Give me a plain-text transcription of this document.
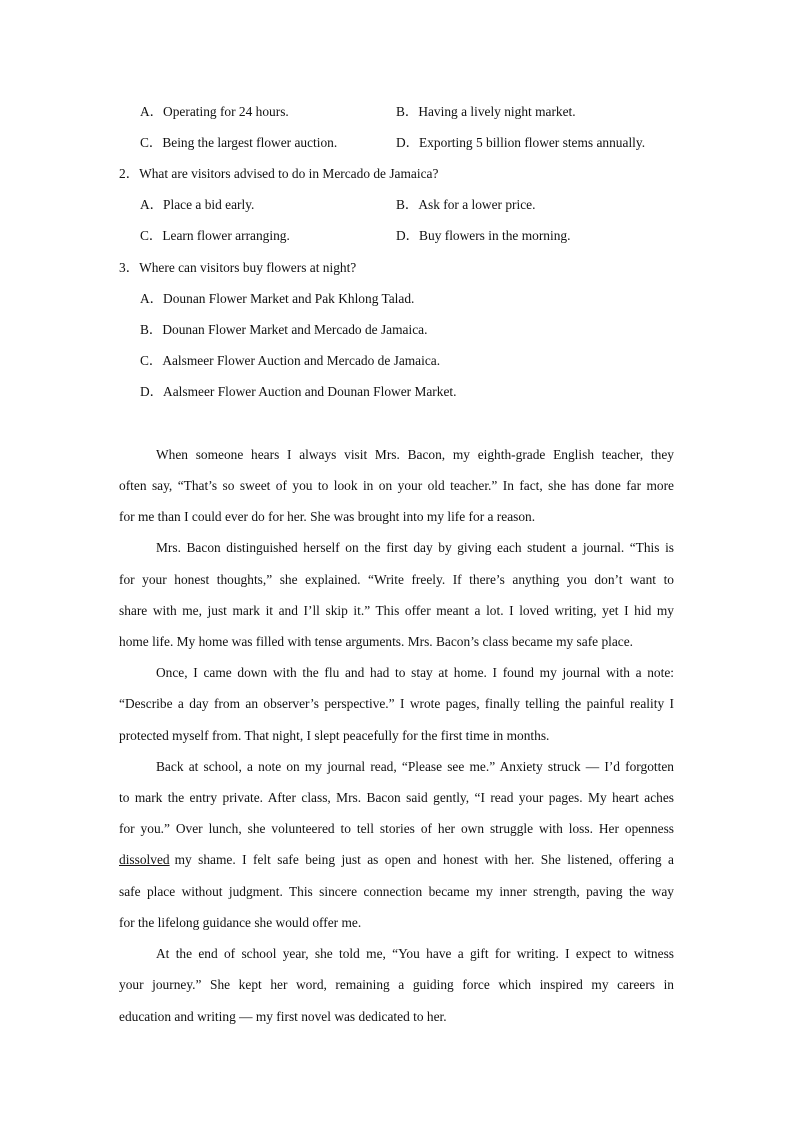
A．Operating for 24 hours.	B．Having a lively night market.
C．Being the largest flower auction.	D．Exporting 5 billion flower stems annually.
2．What are visitors advised to do in Mercado de Jamaica?
A．Place a bid early.	B．Ask for a lower price.
C．Learn flower arranging.	D．Buy flowers in the morning.
3．Where can visitors buy flowers at night?
A．Dounan Flower Market and Pak Khlong Talad.
B．Dounan Flower Market and Mercado de Jamaica.
C．Aalsmeer Flower Auction and Mercado de Jamaica.
D．Aalsmeer Flower Auction and Dounan Flower Market.
When someone hears I always visit Mrs. Bacon, my eighth-grade English teacher, they
often say, “That’s so sweet of you to look in on your old teacher.” In fact, she has done far more
for me than I could ever do for her. She was brought into my life for a reason.
Mrs. Bacon distinguished herself on the first day by giving each student a journal. “This is
for your honest thoughts,” she explained. “Write freely. If there’s anything you don’t want to
share with me, just mark it and I’ll skip it.” This offer meant a lot. I loved writing, yet I hid my
home life. My home was filled with tense arguments. Mrs. Bacon’s class became my safe place.
Once, I came down with the flu and had to stay at home. I found my journal with a note:
“Describe a day from an observer’s perspective.” I wrote pages, finally telling the painful reality I
protected myself from. That night, I slept peacefully for the first time in months.
Back at school, a note on my journal read, “Please see me.” Anxiety struck — I’d forgotten
to mark the entry private. After class, Mrs. Bacon said gently, “I read your pages. My heart aches
for you.” Over lunch, she volunteered to tell stories of her own struggle with loss. Her openness
dissolved my shame. I felt safe being just as open and honest with her. She listened, offering a
safe place without judgment. This sincere connection became my inner strength, paving the way
for the lifelong guidance she would offer me.
At the end of school year, she told me, “You have a gift for writing. I expect to witness
your journey.” She kept her word, remaining a guiding force which inspired my careers in
education and writing — my first novel was dedicated to her.
